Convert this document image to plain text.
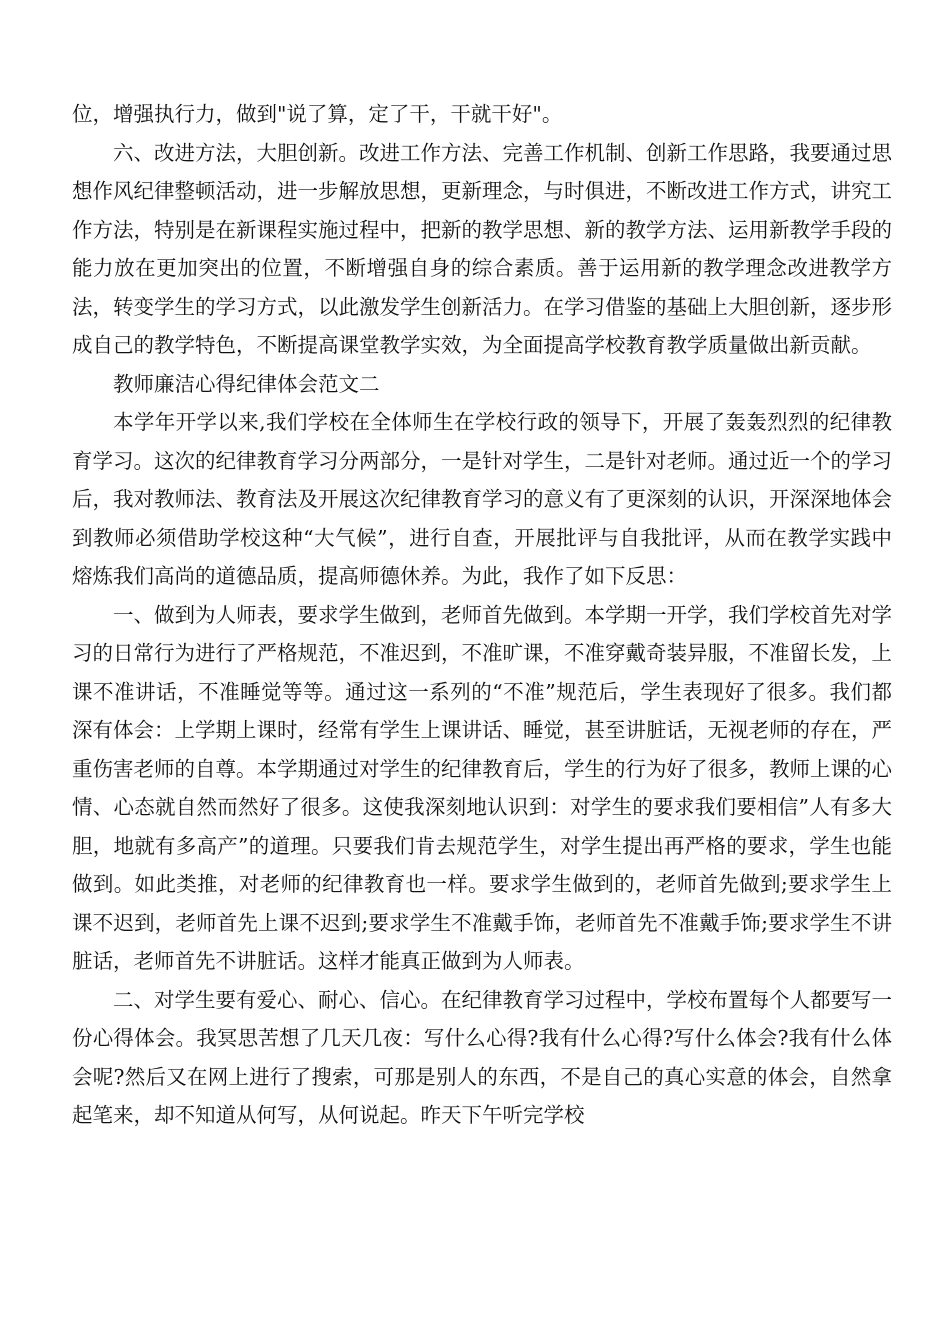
位，增强执行力，做到"说了算，定了干，干就干好"。

六、改进方法，大胆创新。改进工作方法、完善工作机制、创新工作思路，我要通过思想作风纪律整顿活动，进一步解放思想，更新理念，与时俱进，不断改进工作方式，讲究工作方法，特别是在新课程实施过程中，把新的教学思想、新的教学方法、运用新教学手段的能力放在更加突出的位置，不断增强自身的综合素质。善于运用新的教学理念改进教学方法，转变学生的学习方式，以此激发学生创新活力。在学习借鉴的基础上大胆创新，逐步形成自己的教学特色，不断提高课堂教学实效，为全面提高学校教育教学质量做出新贡献。

教师廉洁心得纪律体会范文二

本学年开学以来,我们学校在全体师生在学校行政的领导下，开展了轰轰烈烈的纪律教育学习。这次的纪律教育学习分两部分，一是针对学生，二是针对老师。通过近一个的学习后，我对教师法、教育法及开展这次纪律教育学习的意义有了更深刻的认识，开深深地体会到教师必须借助学校这种“大气候”，进行自查，开展批评与自我批评，从而在教学实践中熔炼我们高尚的道德品质，提高师德休养。为此，我作了如下反思：

一、做到为人师表，要求学生做到，老师首先做到。本学期一开学，我们学校首先对学习的日常行为进行了严格规范，不准迟到，不准旷课，不准穿戴奇装异服，不准留长发，上课不准讲话，不准睡觉等等。通过这一系列的“不准”规范后，学生表现好了很多。我们都深有体会：上学期上课时，经常有学生上课讲话、睡觉，甚至讲脏话，无视老师的存在，严重伤害老师的自尊。本学期通过对学生的纪律教育后，学生的行为好了很多，教师上课的心情、心态就自然而然好了很多。这使我深刻地认识到：对学生的要求我们要相信”人有多大胆，地就有多高产”的道理。只要我们肯去规范学生，对学生提出再严格的要求，学生也能做到。如此类推，对老师的纪律教育也一样。要求学生做到的，老师首先做到;要求学生上课不迟到，老师首先上课不迟到;要求学生不准戴手饰，老师首先不准戴手饰;要求学生不讲脏话，老师首先不讲脏话。这样才能真正做到为人师表。

二、对学生要有爱心、耐心、信心。在纪律教育学习过程中，学校布置每个人都要写一份心得体会。我冥思苦想了几天几夜：写什么心得?我有什么心得?写什么体会?我有什么体会呢?然后又在网上进行了搜索，可那是别人的东西，不是自己的真心实意的体会，自然拿起笔来，却不知道从何写，从何说起。昨天下午听完学校
